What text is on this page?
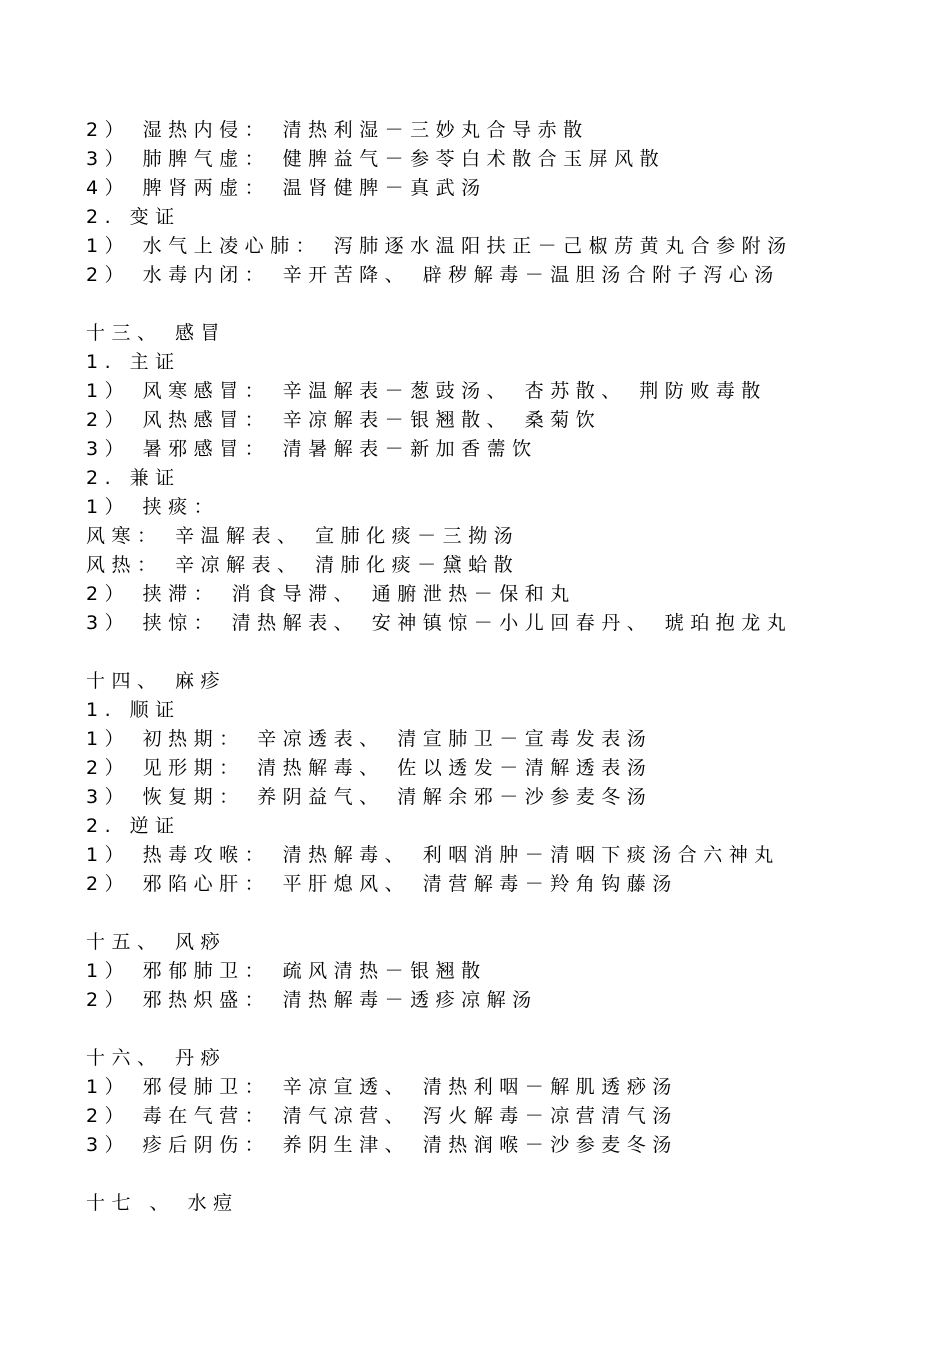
2） 湿热内侵： 清热利湿－三妙丸合导赤散
3） 肺脾气虚： 健脾益气－参苓白术散合玉屏风散
4） 脾肾两虚： 温肾健脾－真武汤
2. 变证
1） 水气上凌心肺： 泻肺逐水温阳扶正－己椒苈黄丸合参附汤
2） 水毒内闭： 辛开苦降、 辟秽解毒－温胆汤合附子泻心汤
十三、 感冒
1. 主证
1） 风寒感冒： 辛温解表－葱豉汤、 杏苏散、 荆防败毒散
2） 风热感冒： 辛凉解表－银翘散、 桑菊饮
3） 暑邪感冒： 清暑解表－新加香薷饮
2. 兼证
1） 挟痰：
风寒： 辛温解表、 宣肺化痰－三拗汤
风热： 辛凉解表、 清肺化痰－黛蛤散
2） 挟滞： 消食导滞、 通腑泄热－保和丸
3） 挟惊： 清热解表、 安神镇惊－小儿回春丹、 琥珀抱龙丸
十四、 麻疹
1. 顺证
1） 初热期： 辛凉透表、 清宣肺卫－宣毒发表汤
2） 见形期： 清热解毒、 佐以透发－清解透表汤
3） 恢复期： 养阴益气、 清解余邪－沙参麦冬汤
2. 逆证
1） 热毒攻喉： 清热解毒、 利咽消肿－清咽下痰汤合六神丸
2） 邪陷心肝： 平肝熄风、 清营解毒－羚角钩藤汤
十五、 风痧
1） 邪郁肺卫： 疏风清热－银翘散
2） 邪热炽盛： 清热解毒－透疹凉解汤
十六、 丹痧
1） 邪侵肺卫： 辛凉宣透、 清热利咽－解肌透痧汤
2） 毒在气营： 清气凉营、 泻火解毒－凉营清气汤
3） 疹后阴伤： 养阴生津、 清热润喉－沙参麦冬汤
十七 、 水痘
